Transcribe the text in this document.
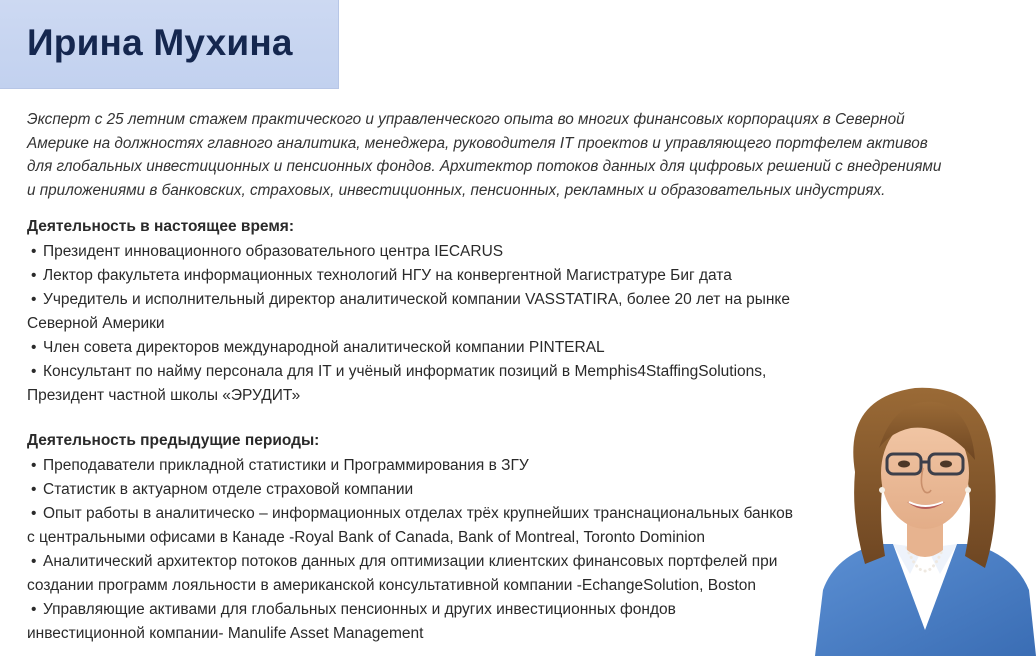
Ирина Мухина
Эксперт с 25 летним стажем практического и управленческого опыта во многих финансовых корпорациях в Северной
Америке на должностях главного аналитика, менеджера, руководителя IT проектов и управляющего портфелем активов
для глобальных инвестиционных и пенсионных фондов. Архитектор потоков данных для цифровых решений с внедрениями
и приложениями в банковских, страховых, инвестиционных, пенсионных, рекламных и образовательных индустриях.
Деятельность в настоящее время:
• Президент инновационного образовательного центра IECARUS
• Лектор факультета информационных технологий НГУ на конвергентной Магистратуре Биг дата
• Учредитель и исполнительный директор аналитической компании VASSTATIRA, более 20 лет на рынке
Северной Америки
• Член совета директоров международной аналитической компании PINTERAL
• Консультант по найму персонала для IT и учёный информатик позиций в Memphis4StaffingSolutions,
Президент частной школы «ЭРУДИТ»
Деятельность предыдущие периоды:
• Преподаватели прикладной статистики и Программирования в ЗГУ
• Статистик в актуарном отделе страховой компании
• Опыт работы в аналитическо – информационных отделах трёх крупнейших транснациональных банков
с центральными офисами в Канаде -Royal Bank of Canada, Bank of Montreal, Toronto Dominion
• Аналитический архитектор потоков данных для оптимизации клиентских финансовых портфелей при
создании программ лояльности в американской консультативной компании -EchangeSolution, Boston
• Управляющие активами для глобальных пенсионных и других инвестиционных фондов
инвестиционной компании- Manulife Asset Management
